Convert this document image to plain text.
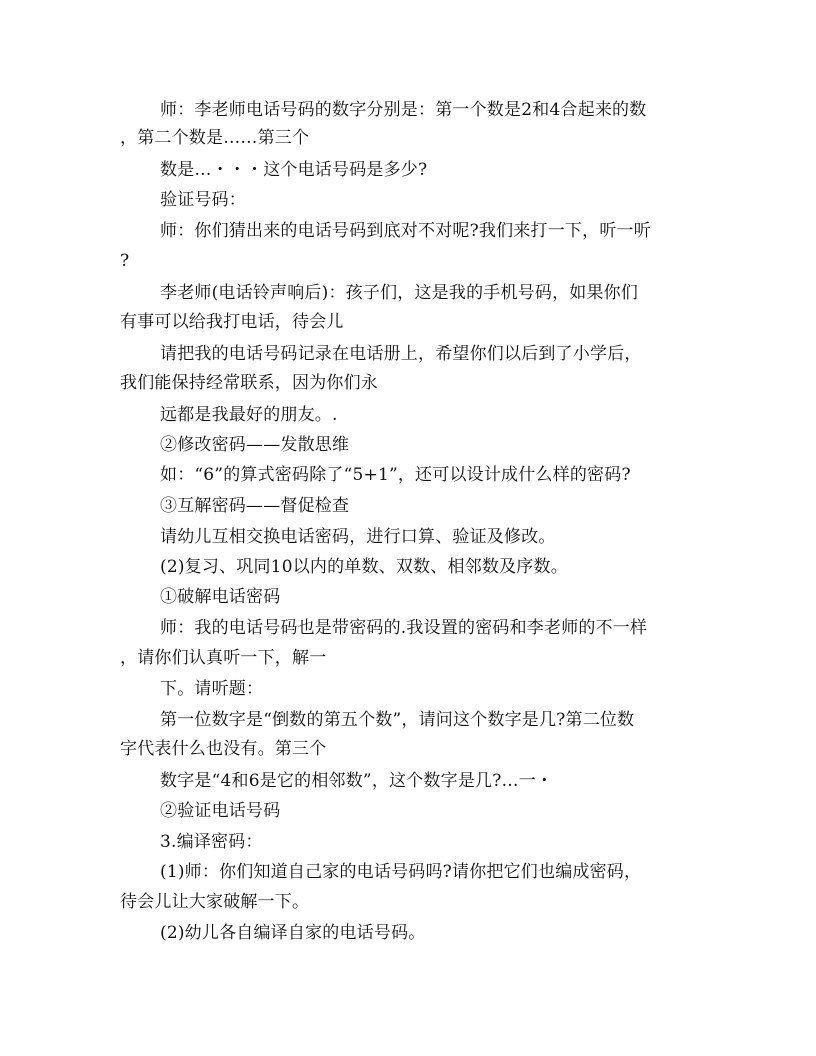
师：李老师电话号码的数字分别是：第一个数是2和4合起来的数
，第二个数是……第三个
数是…・・・这个电话号码是多少?
验证号码：
师：你们猜出来的电话号码到底对不对呢?我们来打一下，听一听
?
李老师(电话铃声响后)：孩子们，这是我的手机号码，如果你们
有事可以给我打电话，待会儿
请把我的电话号码记录在电话册上，希望你们以后到了小学后，
我们能保持经常联系，因为你们永
远都是我最好的朋友。.
②修改密码——发散思维
如：“6”的算式密码除了“5+1”，还可以设计成什么样的密码?
③互解密码——督促检查
请幼儿互相交换电话密码，进行口算、验证及修改。
(2)复习、巩同10以内的单数、双数、相邻数及序数。
①破解电话密码
师：我的电话号码也是带密码的.我设置的密码和李老师的不一样
，请你们认真听一下，解一
下。请听题：
第一位数字是“倒数的第五个数”，请问这个数字是几?第二位数
字代表什么也没有。第三个
数字是“4和6是它的相邻数”，这个数字是几?…一・
②验证电话号码
3.编译密码：
(1)师：你们知道自己家的电话号码吗?请你把它们也编成密码，
待会儿让大家破解一下。
(2)幼儿各自编译自家的电话号码。
